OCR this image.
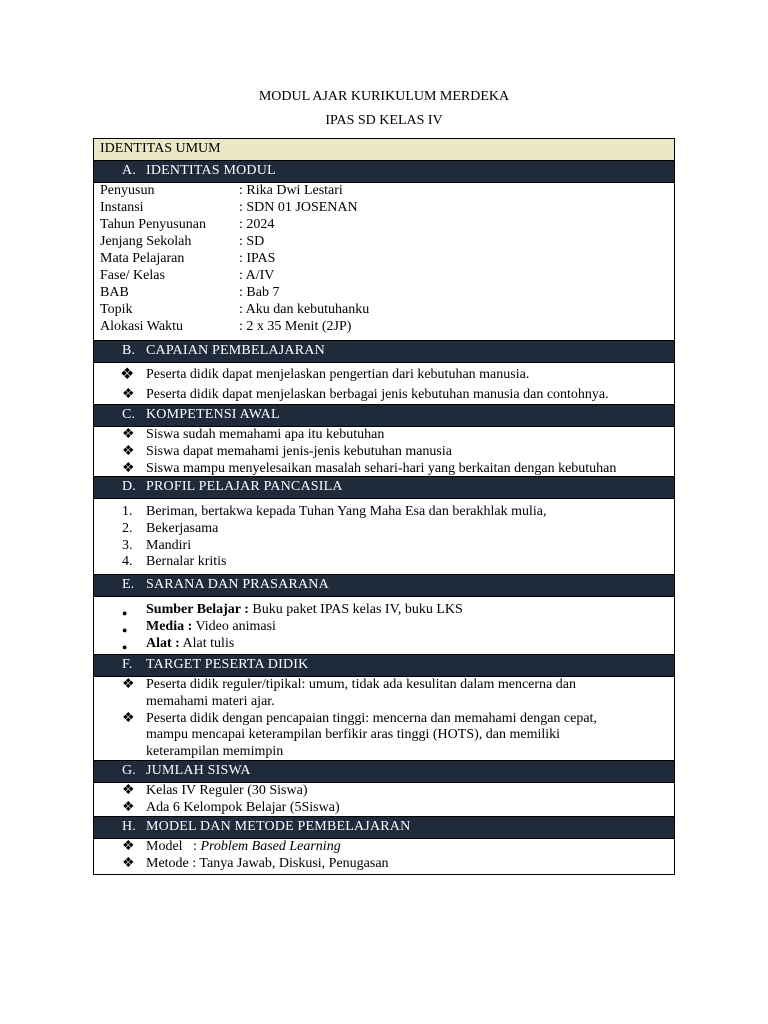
MODUL AJAR KURIKULUM MERDEKA
IPAS SD KELAS IV
IDENTITAS UMUM
A. IDENTITAS MODUL
Penyusun	: Rika Dwi Lestari
Instansi	: SDN 01 JOSENAN
Tahun Penyusunan : 2024
Jenjang Sekolah	: SD
Mata Pelajaran	: IPAS
Fase/ Kelas	: A/IV
BAB	: Bab 7
Topik	: Aku dan kebutuhanku
Alokasi Waktu	: 2 x 35 Menit (2JP)
B. CAPAIAN PEMBELAJARAN
❖ Peserta didik dapat menjelaskan pengertian dari kebutuhan manusia.
❖ Peserta didik dapat menjelaskan berbagai jenis kebutuhan manusia dan contohnya.
C. KOMPETENSI AWAL
❖ Siswa sudah memahami apa itu kebutuhan
❖ Siswa dapat memahami jenis-jenis kebutuhan manusia
❖ Siswa mampu menyelesaikan masalah sehari-hari yang berkaitan dengan kebutuhan
D. PROFIL PELAJAR PANCASILA
1. Beriman, bertakwa kepada Tuhan Yang Maha Esa dan berakhlak mulia,
2. Bekerjasama
3. Mandiri
4. Bernalar kritis
E. SARANA DAN PRASARANA
● Sumber Belajar : Buku paket IPAS kelas IV, buku LKS
● Media : Video animasi
● Alat : Alat tulis
F. TARGET PESERTA DIDIK
❖ Peserta didik reguler/tipikal: umum, tidak ada kesulitan dalam mencerna dan
memahami materi ajar.
❖ Peserta didik dengan pencapaian tinggi: mencerna dan memahami dengan cepat,
mampu mencapai keterampilan berfikir aras tinggi (HOTS), dan memiliki
keterampilan memimpin
G. JUMLAH SISWA
❖ Kelas IV Reguler (30 Siswa)
❖ Ada 6 Kelompok Belajar (5Siswa)
H. MODEL DAN METODE PEMBELAJARAN
❖ Model   : Problem Based Learning
❖ Metode : Tanya Jawab, Diskusi, Penugasan
